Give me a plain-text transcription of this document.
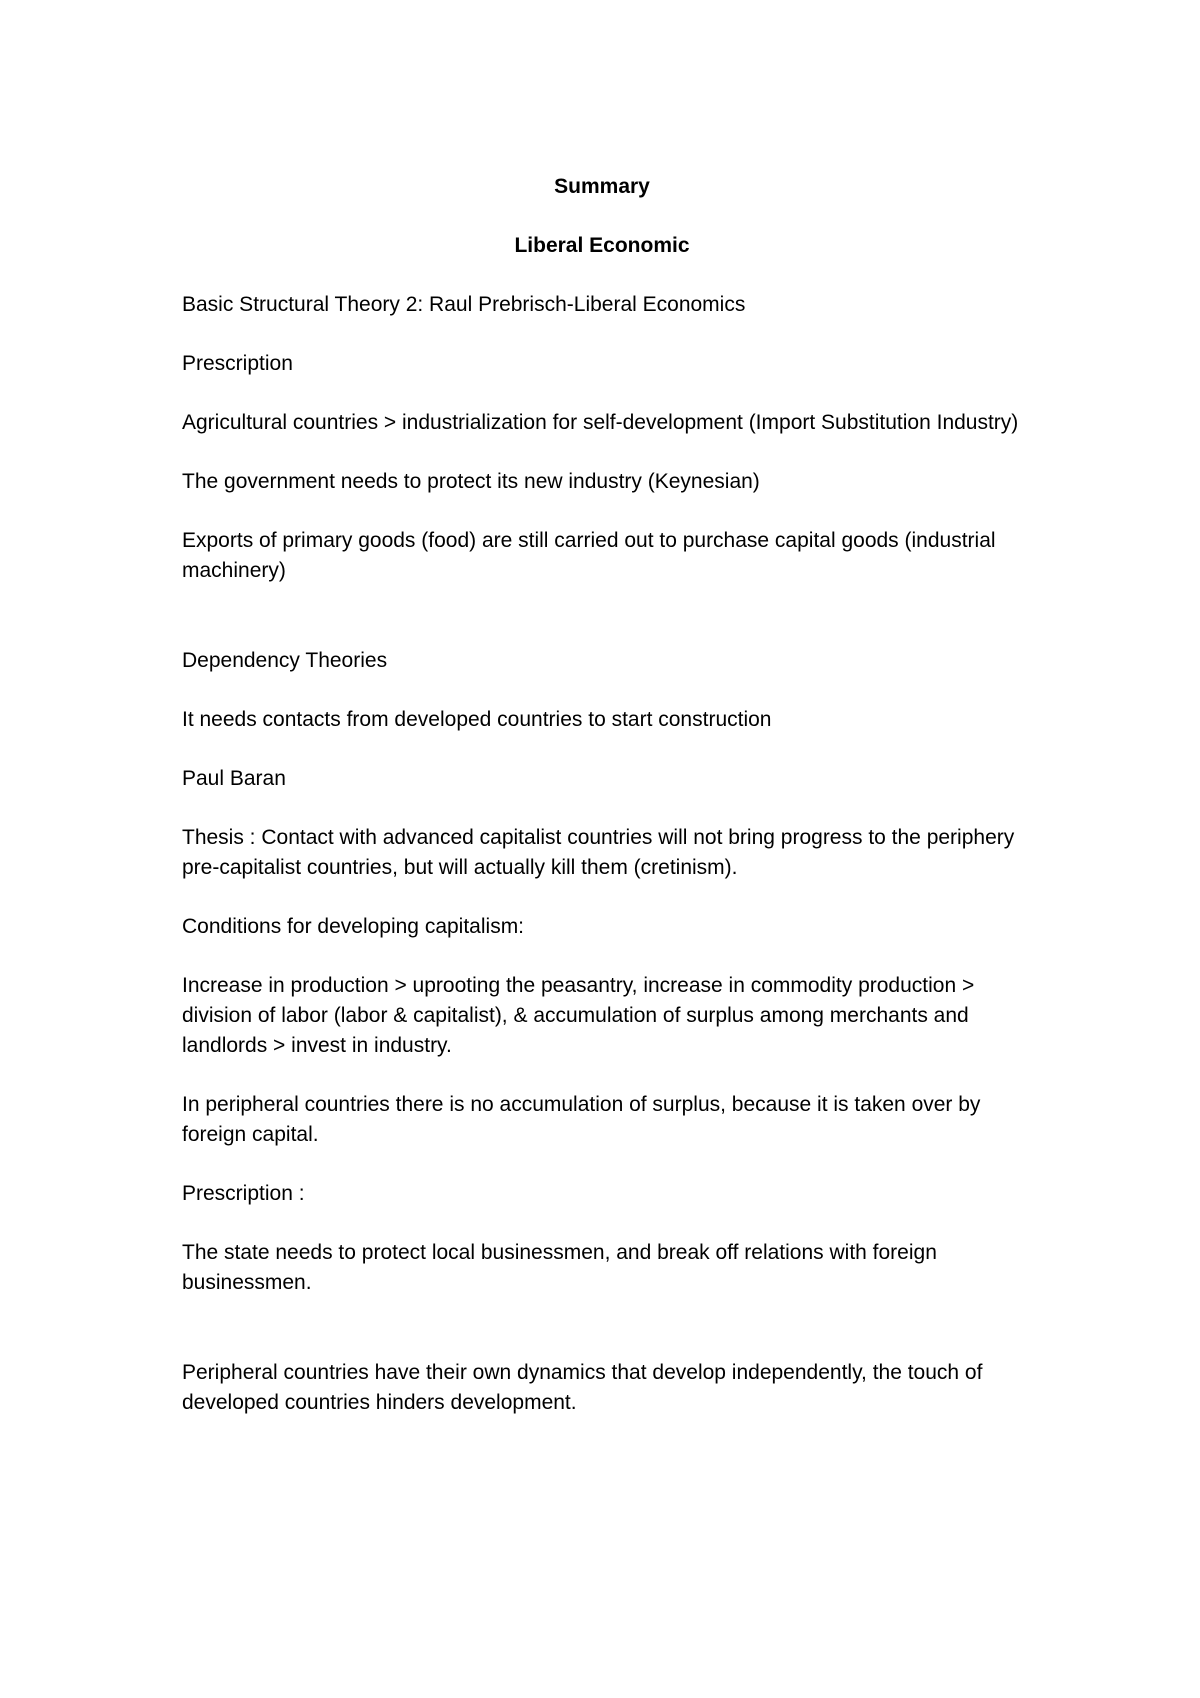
Summary

Liberal Economic

Basic Structural Theory 2: Raul Prebrisch-Liberal Economics

Prescription

Agricultural countries > industrialization for self-development (Import Substitution Industry)

The government needs to protect its new industry (Keynesian)

Exports of primary goods (food) are still carried out to purchase capital goods (industrial machinery)

Dependency Theories

It needs contacts from developed countries to start construction

Paul Baran

Thesis : Contact with advanced capitalist countries will not bring progress to the periphery pre-capitalist countries, but will actually kill them (cretinism).

Conditions for developing capitalism:

Increase in production > uprooting the peasantry, increase in commodity production > division of labor (labor & capitalist), & accumulation of surplus among merchants and landlords > invest in industry.

In peripheral countries there is no accumulation of surplus, because it is taken over by foreign capital.

Prescription :

The state needs to protect local businessmen, and break off relations with foreign businessmen.

Peripheral countries have their own dynamics that develop independently, the touch of developed countries hinders development.
